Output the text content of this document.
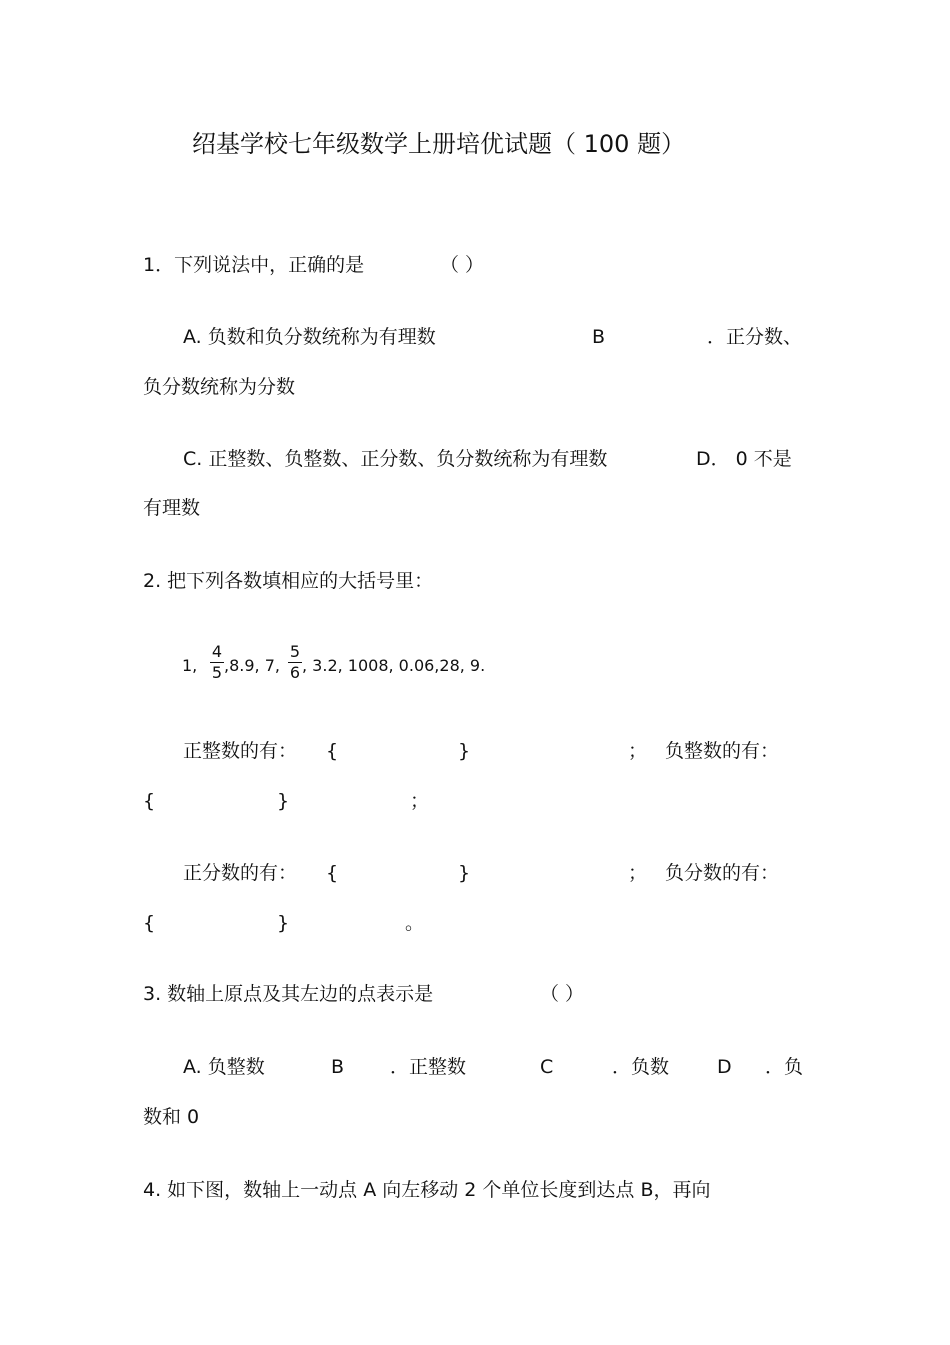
绍基学校七年级数学上册培优试题（ 100 题）
1．下列说法中，正确的是	（ ）
A. 负数和负分数统称为有理数	B	．正分数、
负分数统称为分数
C. 正整数、负整数、正分数、负分数统称为有理数	D． 0 不是
有理数
2. 把下列各数填相应的大括号里：
1,
4
5 ,8.9, 7,
5
6 , 3.2, 1008, 0.06,28, 9.
正整数的有： {	}	； 负整数的有：
{	}	；
正分数的有： {	}	； 负分数的有：
{	}	。
3. 数轴上原点及其左边的点表示是	（ ）
A. 负整数	B ．正整数	C	．负数	D ．负
数和 0
4. 如下图，数轴上一动点 A 向左移动 2 个单位长度到达点 B，再向
